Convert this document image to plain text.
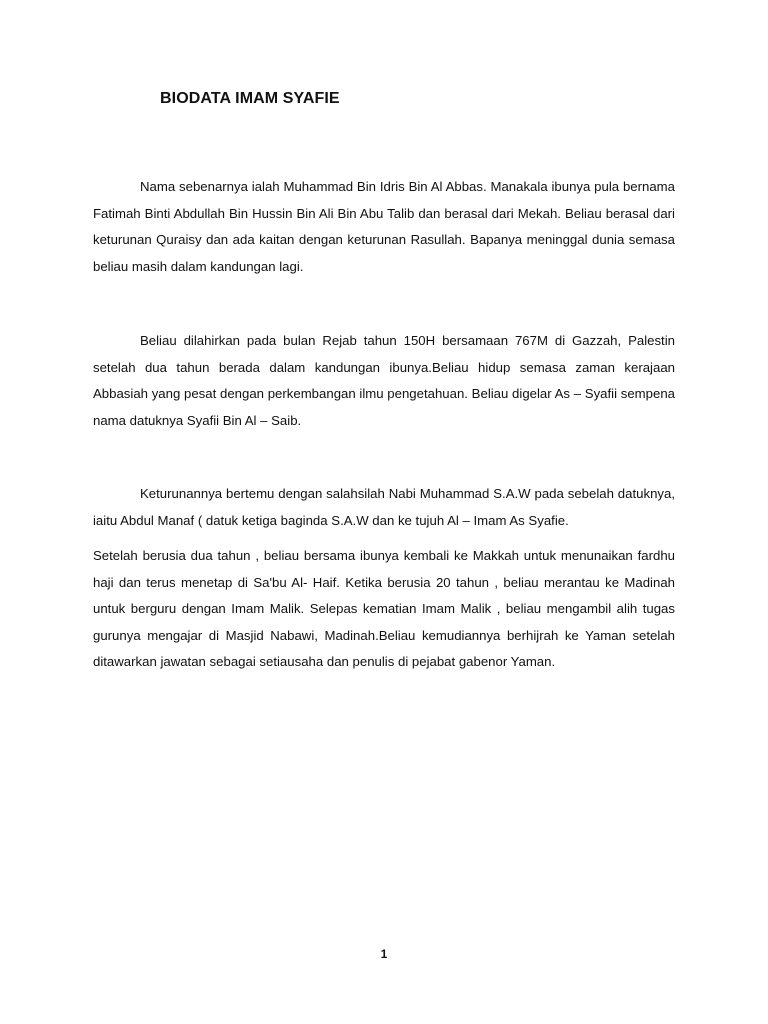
BIODATA IMAM SYAFIE

Nama sebenarnya ialah Muhammad Bin Idris Bin Al Abbas. Manakala ibunya pula bernama Fatimah Binti Abdullah Bin Hussin Bin Ali Bin Abu Talib dan berasal dari Mekah. Beliau berasal dari keturunan Quraisy dan ada kaitan dengan keturunan Rasullah. Bapanya meninggal dunia semasa beliau masih dalam kandungan lagi.

Beliau dilahirkan pada bulan Rejab tahun 150H bersamaan 767M di Gazzah, Palestin setelah dua tahun berada dalam kandungan ibunya.Beliau hidup semasa zaman kerajaan Abbasiah yang pesat dengan perkembangan ilmu pengetahuan. Beliau digelar As – Syafii sempena nama datuknya Syafii Bin Al – Saib.

Keturunannya bertemu dengan salahsilah Nabi Muhammad S.A.W pada sebelah datuknya, iaitu Abdul Manaf ( datuk ketiga baginda S.A.W dan ke tujuh Al – Imam As Syafie.

Setelah berusia dua tahun , beliau bersama ibunya kembali ke Makkah untuk menunaikan fardhu haji dan terus menetap di Sa'bu Al- Haif. Ketika berusia 20 tahun , beliau merantau ke Madinah untuk berguru dengan Imam Malik. Selepas kematian Imam Malik , beliau mengambil alih tugas gurunya mengajar di Masjid Nabawi, Madinah.Beliau kemudiannya berhijrah ke Yaman setelah ditawarkan jawatan sebagai setiausaha dan penulis di pejabat gabenor Yaman.

1
